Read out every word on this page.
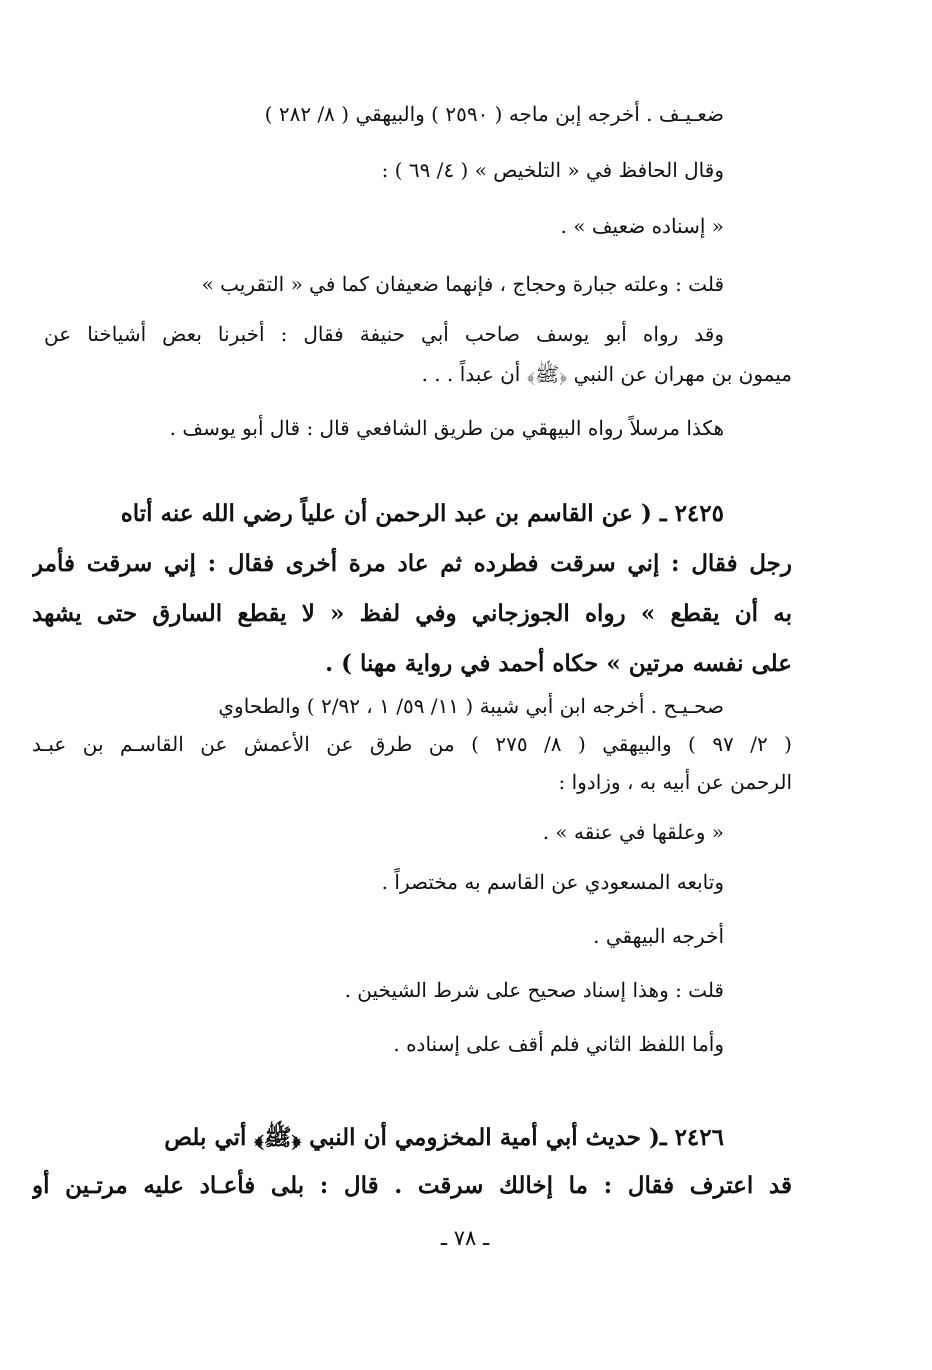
ضعـيـف . أخرجه إبن ماجه ( ٢٥٩٠ ) والبيهقي ( ٨/ ٢٨٢ )
وقال الحافظ في « التلخيص » ( ٤/ ٦٩ ) :
« إسناده ضعيف » .
قلت : وعلته جبارة وحجاج ، فإنهما ضعيفان كما في « التقريب »
وقد رواه أبو يوسف صاحب أبي حنيفة فقال : أخبرنا بعض أشياخنا عن
ميمون بن مهران عن النبي ﴿ﷺ﴾ أن عبداً . . .
هكذا مرسلاً رواه البيهقي من طريق الشافعي قال : قال أبو يوسف .
٢٤٢٥ ـ ( عن القاسم بن عبد الرحمن أن علياً رضي الله عنه أتاه
رجل فقال : إني سرقت فطرده ثم عاد مرة أخرى فقال : إني سرقت فأمر
به أن يقطع » رواه الجوزجاني وفي لفظ « لا يقطع السارق حتى يشهد
على نفسه مرتين » حكاه أحمد في رواية مهنا ) .
صحـيـح . أخرجه ابن أبي شيبة ( ١١/ ٥٩/ ١ ، ٢/٩٢ ) والطحاوي
( ٢/ ٩٧ ) والبيهقي ( ٨/ ٢٧٥ ) من طرق عن الأعمش عن القاسـم بن عبـد
الرحمن عن أبيه به ، وزادوا :
« وعلقها في عنقه » .
وتابعه المسعودي عن القاسم به مختصراً .
أخرجه البيهقي .
قلت : وهذا إسناد صحيح على شرط الشيخين .
وأما اللفظ الثاني فلم أقف على إسناده .
٢٤٢٦ ـ( حديث أبي أمية المخزومي أن النبي ﴿ﷺ﴾ أتي بلص
قد اعترف فقال : ما إخالك سرقت . قال : بلى فأعـاد عليه مرتـين أو
ـ ٧٨ ـ
